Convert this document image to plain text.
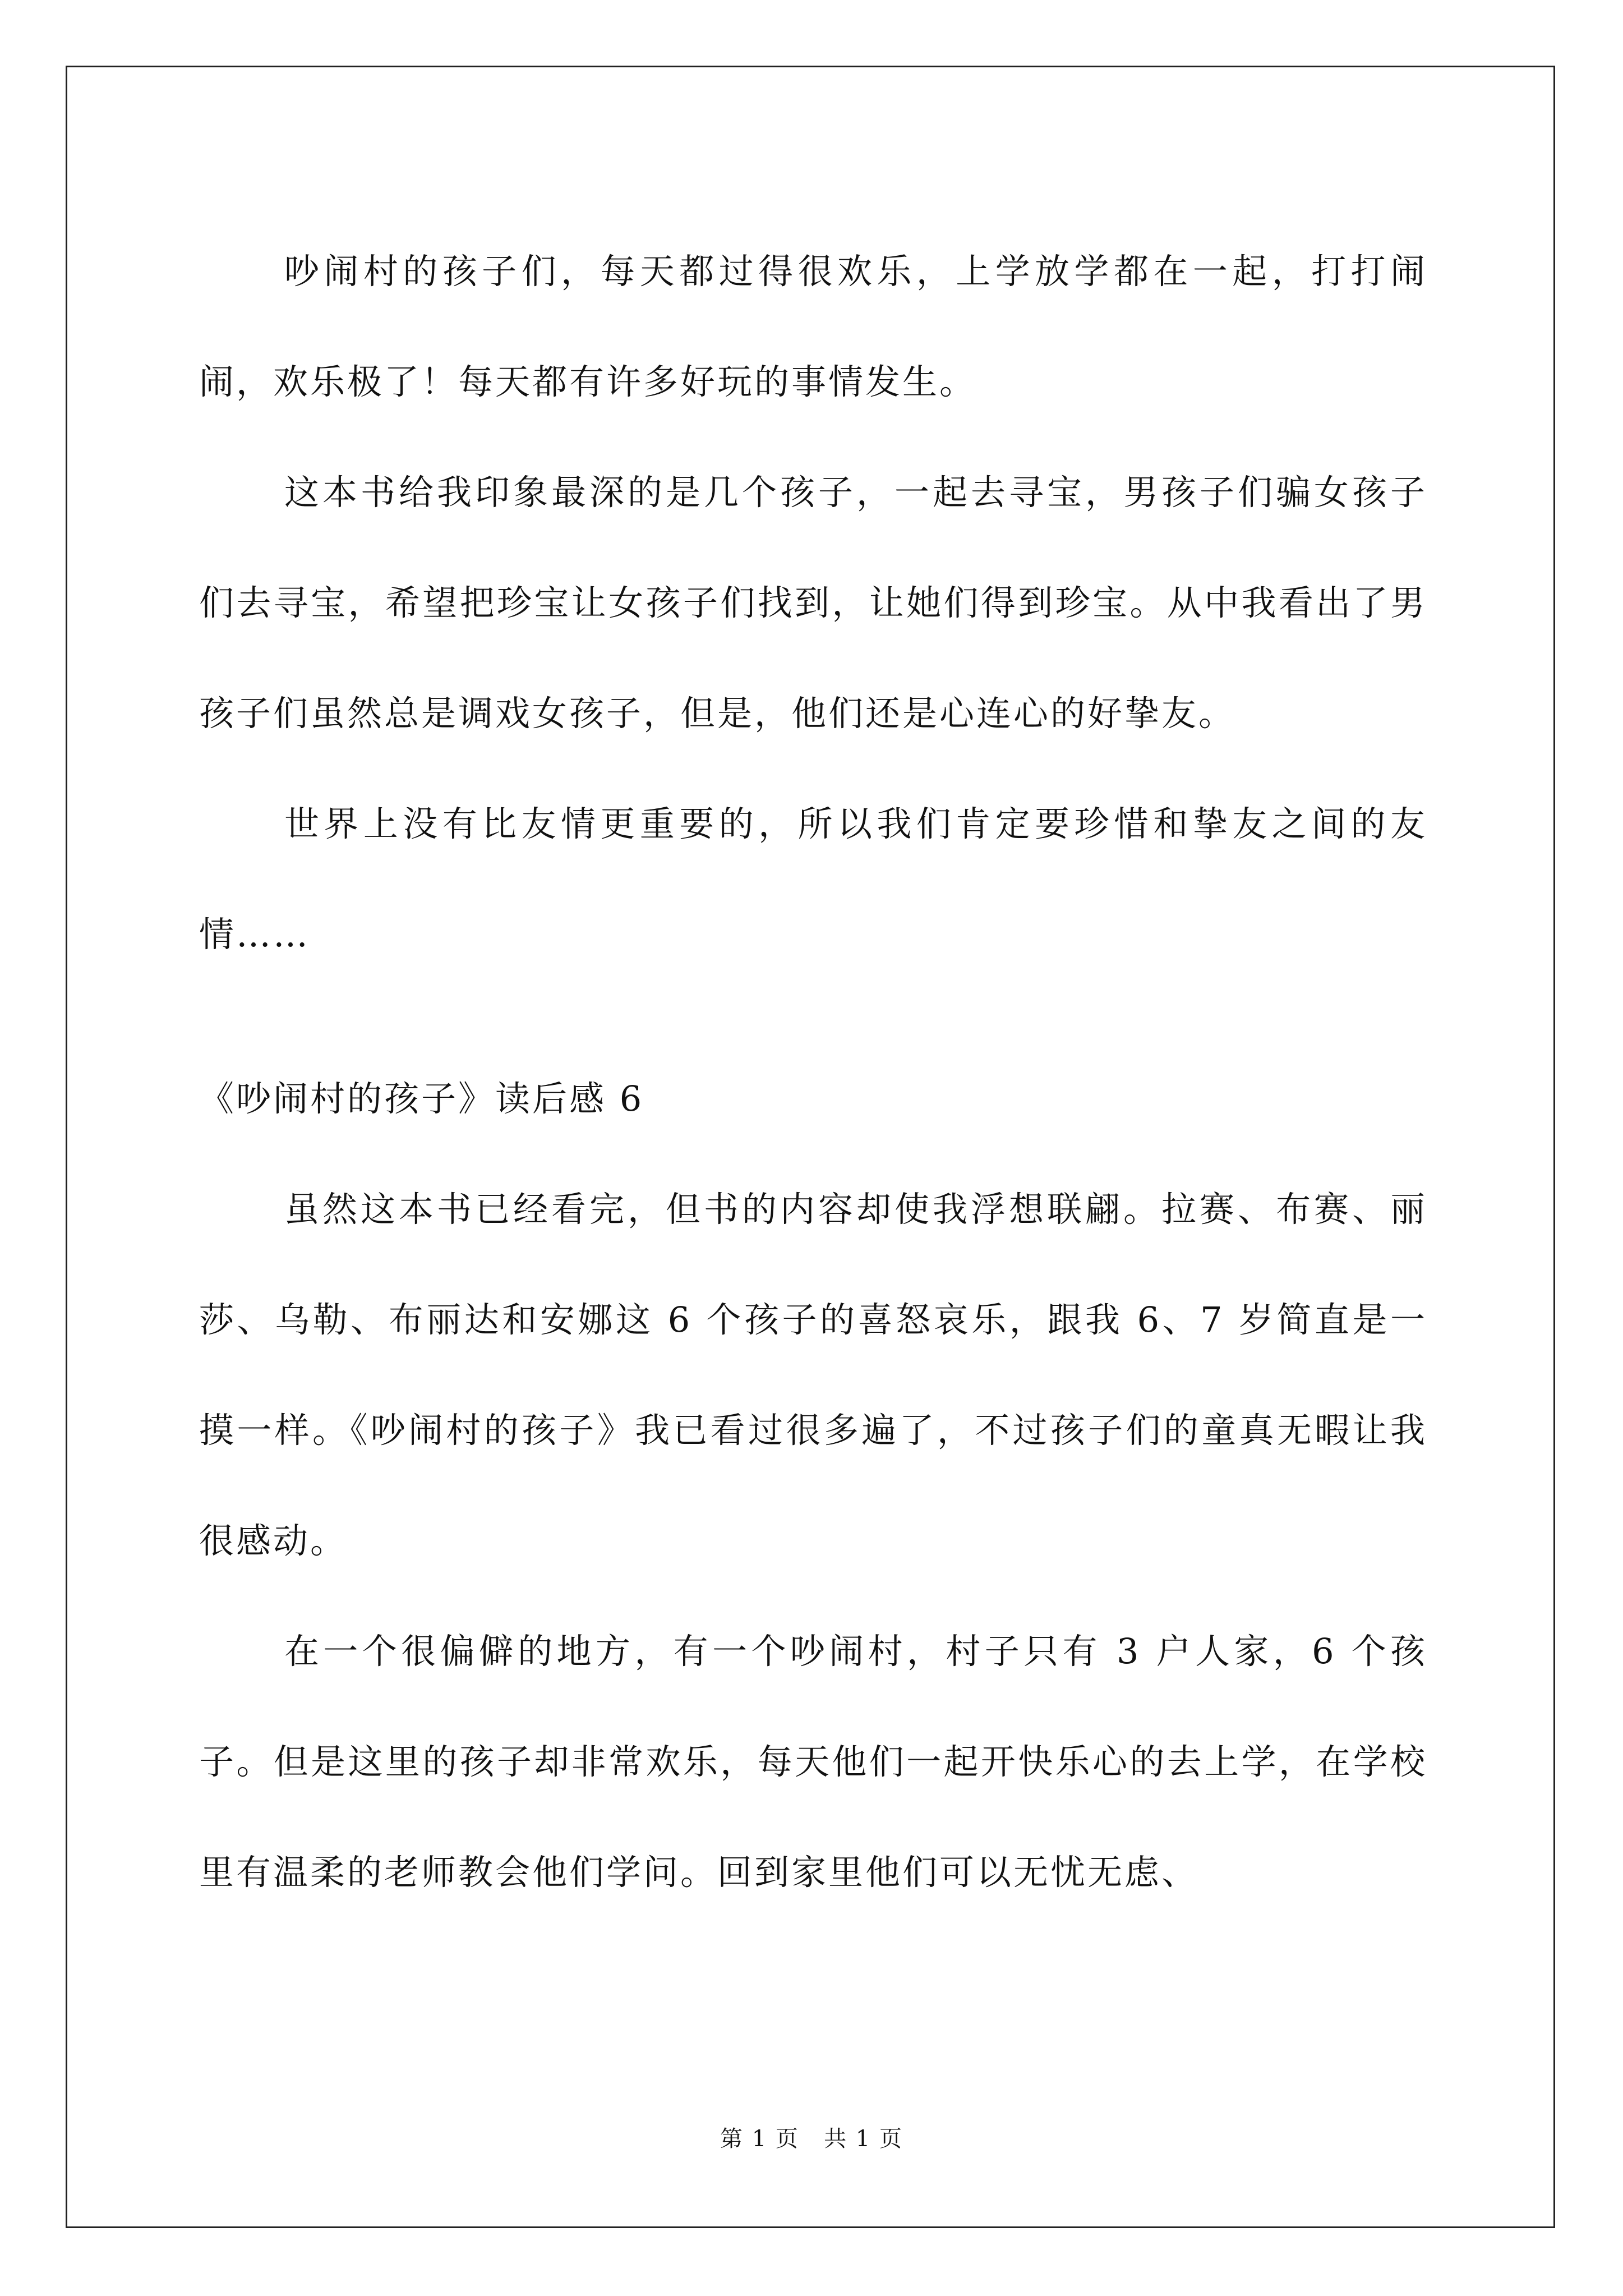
吵闹村的孩子们，每天都过得很欢乐，上学放学都在一起，打打闹闹，欢乐极了！每天都有许多好玩的事情发生。

这本书给我印象最深的是几个孩子，一起去寻宝，男孩子们骗女孩子们去寻宝，希望把珍宝让女孩子们找到，让她们得到珍宝。从中我看出了男孩子们虽然总是调戏女孩子，但是，他们还是心连心的好挚友。

世界上没有比友情更重要的，所以我们肯定要珍惜和挚友之间的友情……

《吵闹村的孩子》读后感 6

虽然这本书已经看完，但书的内容却使我浮想联翩。拉赛、布赛、丽莎、乌勒、布丽达和安娜这 6 个孩子的喜怒哀乐，跟我 6、7 岁简直是一摸一样。《吵闹村的孩子》我已看过很多遍了，不过孩子们的童真无暇让我很感动。

在一个很偏僻的地方，有一个吵闹村，村子只有 3 户人家，6 个孩子。但是这里的孩子却非常欢乐，每天他们一起开快乐心的去上学，在学校里有温柔的老师教会他们学问。回到家里他们可以无忧无虑、

第 1 页   共 1 页
